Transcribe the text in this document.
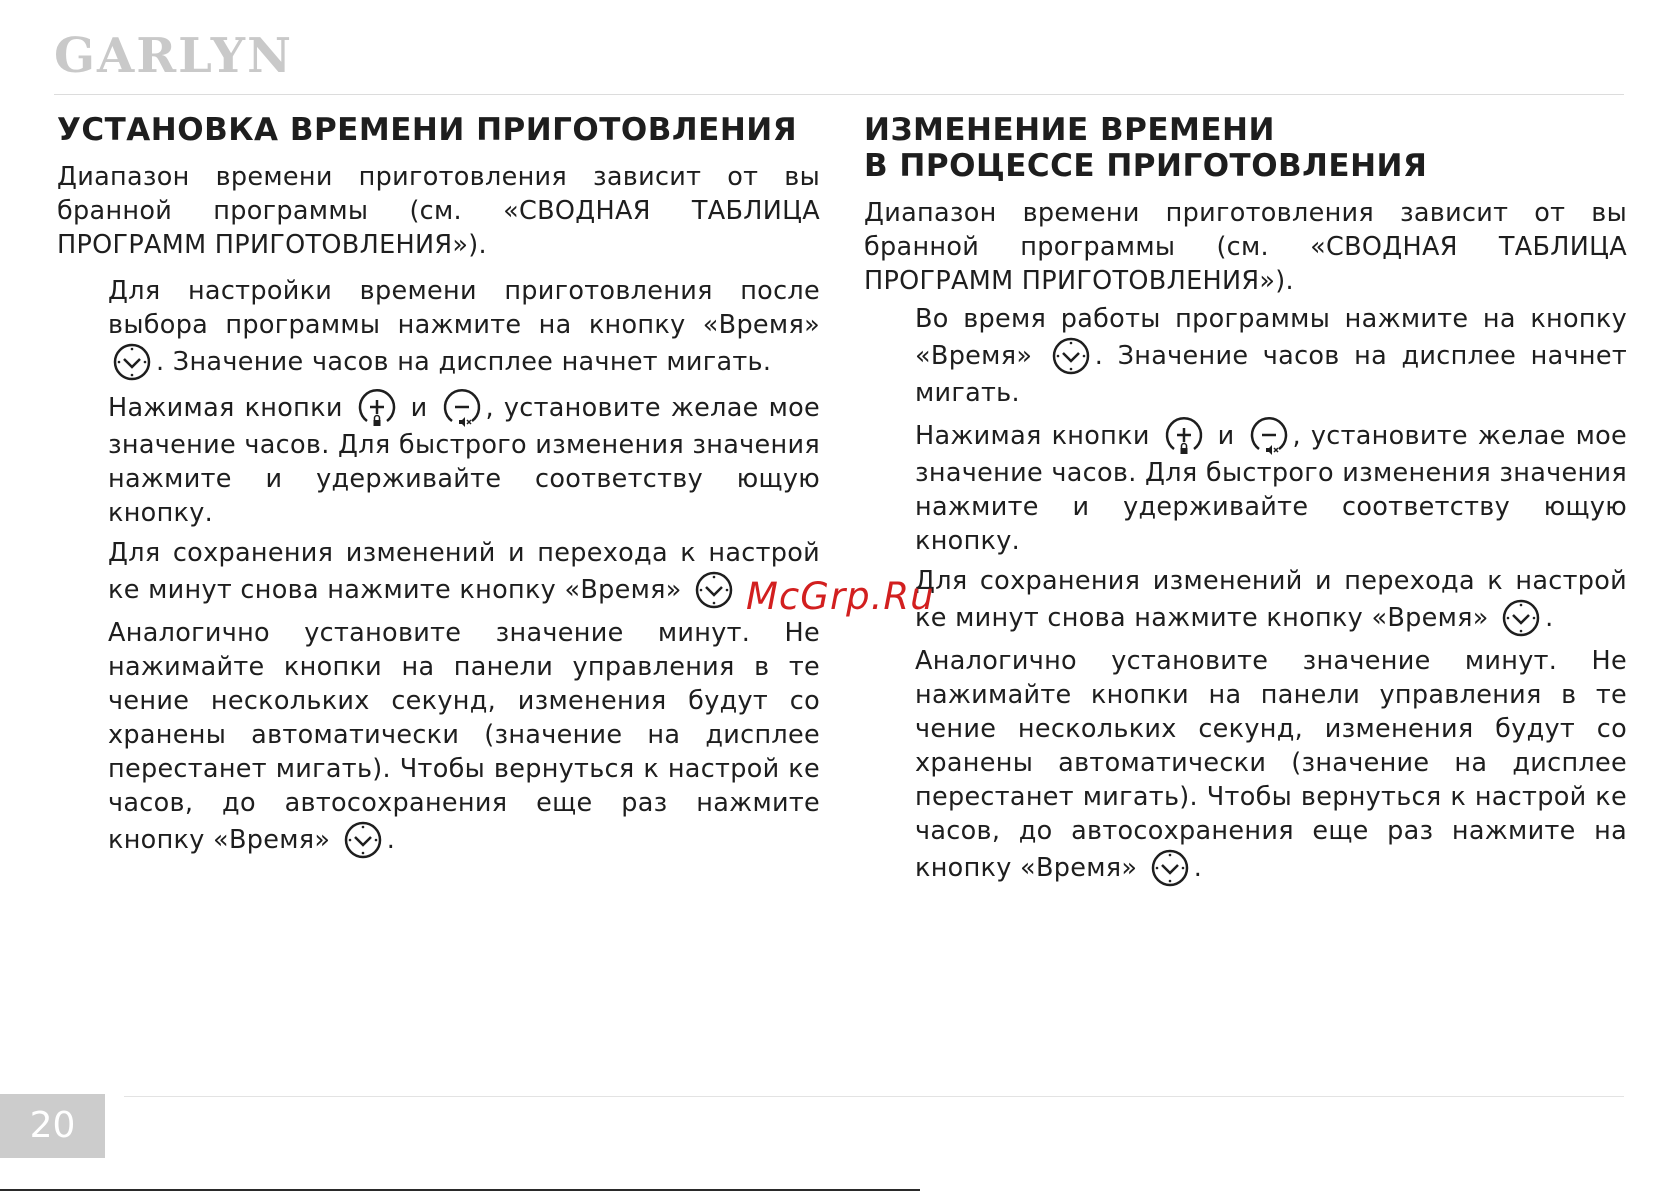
GARLYN
УСТАНОВКА ВРЕМЕНИ ПРИГОТОВЛЕНИЯ

Диапазон времени приготовления зависит от вы бранной программы (см. «СВОДНАЯ ТАБЛИЦА ПРОГРАММ ПРИГОТОВЛЕНИЯ»).

Для настройки времени приготовления после выбора программы нажмите на кнопку «Время»
. Значение часов на дисплее начнет мигать.

Нажимая кнопки	и , установите желае мое значение часов. Для быстрого изменения значения нажмите и удерживайте соответству ющую кнопку.

Для сохранения изменений и перехода к настрой ке минут снова нажмите кнопку «Время»

Аналогично установите значение минут. Не нажимайте кнопки на панели управления в те чение нескольких секунд, изменения будут со хранены автоматически (значение на дисплее перестанет мигать). Чтобы вернуться к настрой ке часов, до автосохранения еще раз нажмите кнопку «Время» .

ИЗМЕНЕНИЕ ВРЕМЕНИ
В ПРОЦЕССЕ ПРИГОТОВЛЕНИЯ

Диапазон времени приготовления зависит от вы бранной программы (см. «СВОДНАЯ ТАБЛИЦА ПРОГРАММ ПРИГОТОВЛЕНИЯ»).

Во время работы программы нажмите на кнопку «Время» . Значение часов на дисплее начнет мигать.

Нажимая кнопки	и , установите желае мое значение часов. Для быстрого изменения значения нажмите и удерживайте соответству ющую кнопку.

Для сохранения изменений и перехода к настрой ке минут снова нажмите кнопку «Время» .

Аналогично установите значение минут. Не нажимайте кнопки на панели управления в те чение нескольких секунд, изменения будут со хранены автоматически (значение на дисплее перестанет мигать). Чтобы вернуться к настрой ке часов, до автосохранения еще раз нажмите на кнопку «Время» .

McGrp.Ru
20
